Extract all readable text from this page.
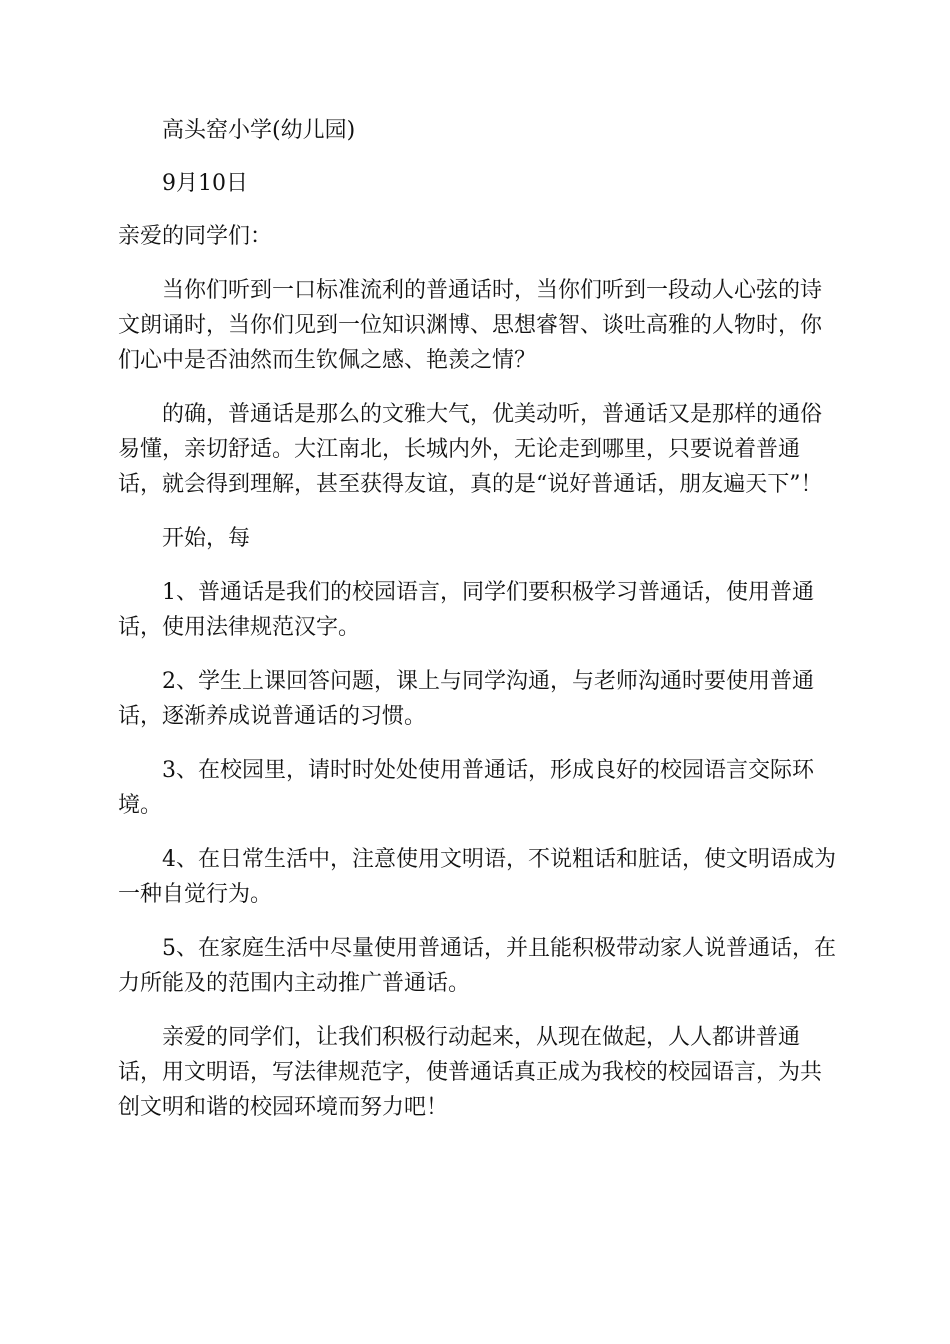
高头窑小学(幼儿园)

9月10日

亲爱的同学们：

当你们听到一口标准流利的普通话时，当你们听到一段动人心弦的诗文朗诵时，当你们见到一位知识渊博、思想睿智、谈吐高雅的人物时，你们心中是否油然而生钦佩之感、艳羡之情？

的确，普通话是那么的文雅大气，优美动听，普通话又是那样的通俗易懂，亲切舒适。大江南北，长城内外，无论走到哪里，只要说着普通话，就会得到理解，甚至获得友谊，真的是“说好普通话，朋友遍天下”！

开始，每

1、普通话是我们的校园语言，同学们要积极学习普通话，使用普通话，使用法律规范汉字。

2、学生上课回答问题，课上与同学沟通，与老师沟通时要使用普通话，逐渐养成说普通话的习惯。

3、在校园里，请时时处处使用普通话，形成良好的校园语言交际环境。

4、在日常生活中，注意使用文明语，不说粗话和脏话，使文明语成为一种自觉行为。

5、在家庭生活中尽量使用普通话，并且能积极带动家人说普通话，在力所能及的范围内主动推广普通话。

亲爱的同学们，让我们积极行动起来，从现在做起，人人都讲普通话，用文明语，写法律规范字，使普通话真正成为我校的校园语言，为共创文明和谐的校园环境而努力吧！
